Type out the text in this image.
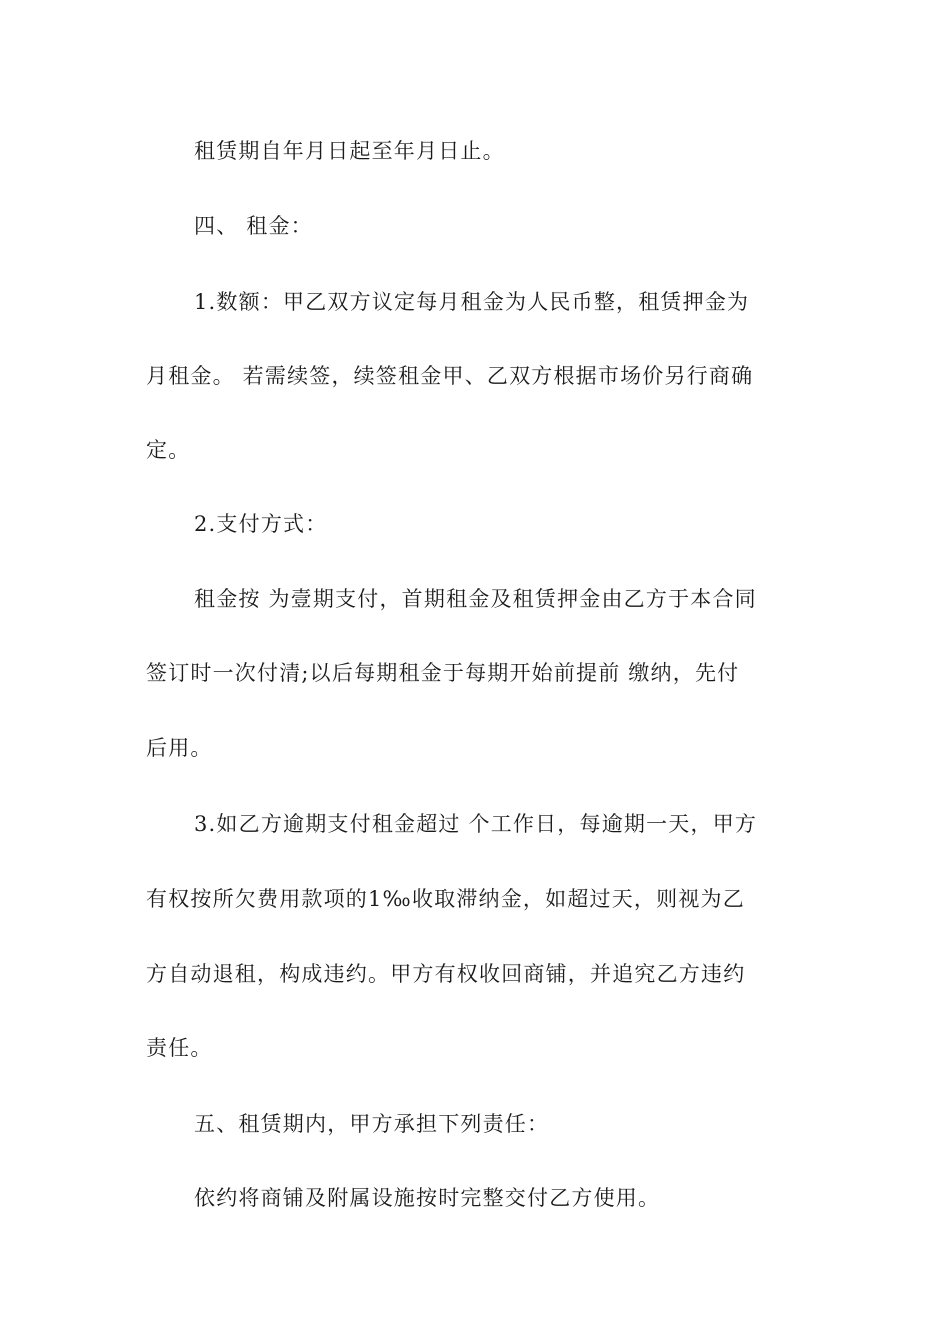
租赁期自年月日起至年月日止。
四、 租金：
1.数额：甲乙双方议定每月租金为人民币整，租赁押金为
月租金。 若需续签，续签租金甲、乙双方根据市场价另行商确
定。
2.支付方式：
租金按 为壹期支付，首期租金及租赁押金由乙方于本合同
签订时一次付清;以后每期租金于每期开始前提前 缴纳，先付
后用。
3.如乙方逾期支付租金超过 个工作日，每逾期一天，甲方
有权按所欠费用款项的1‰收取滞纳金，如超过天，则视为乙
方自动退租，构成违约。甲方有权收回商铺，并追究乙方违约
责任。
五、租赁期内，甲方承担下列责任：
依约将商铺及附属设施按时完整交付乙方使用。
